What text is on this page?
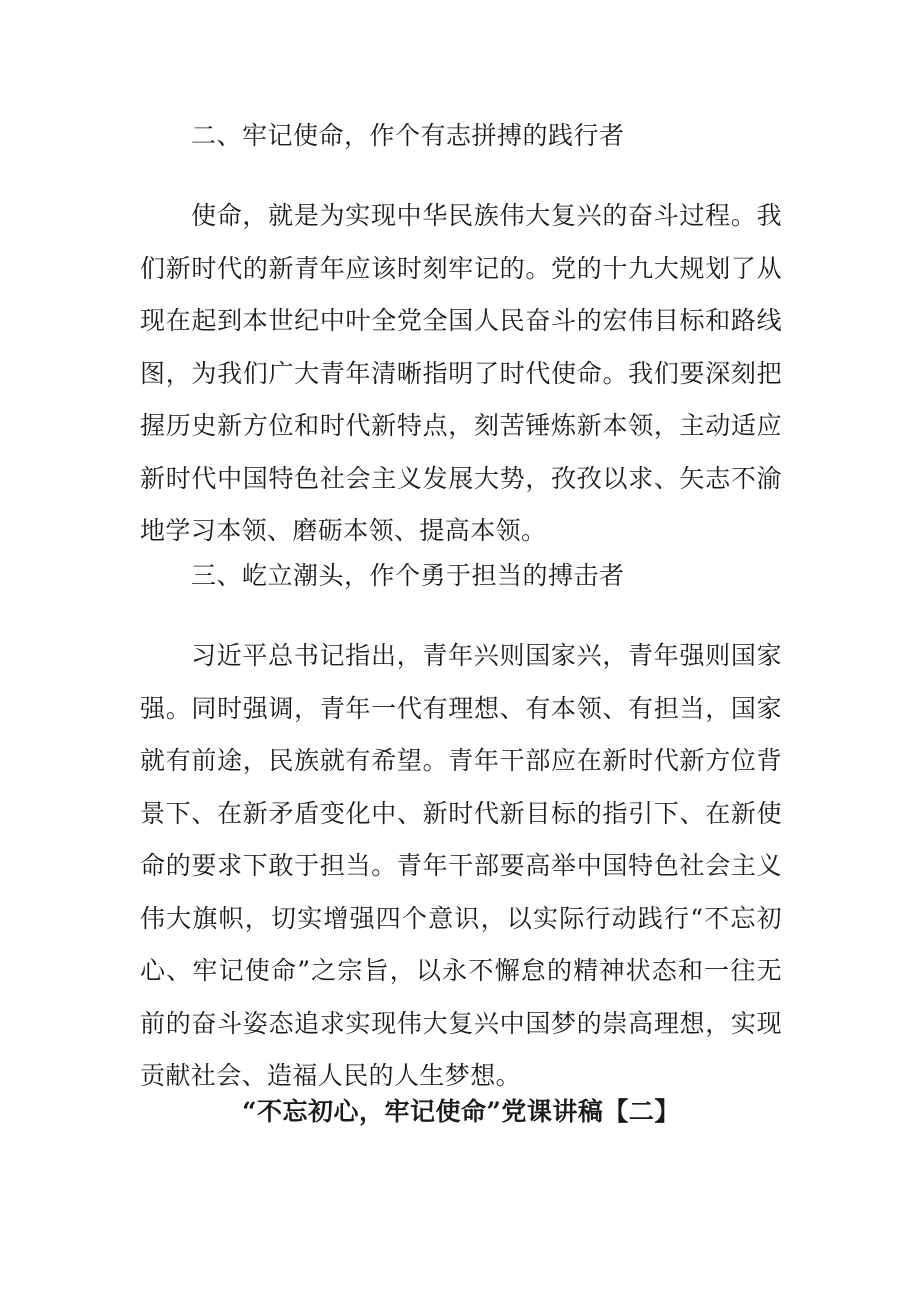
二、牢记使命，作个有志拼搏的践行者

使命，就是为实现中华民族伟大复兴的奋斗过程。我们新时代的新青年应该时刻牢记的。党的十九大规划了从现在起到本世纪中叶全党全国人民奋斗的宏伟目标和路线图，为我们广大青年清晰指明了时代使命。我们要深刻把握历史新方位和时代新特点，刻苦锤炼新本领，主动适应新时代中国特色社会主义发展大势，孜孜以求、矢志不渝地学习本领、磨砺本领、提高本领。

三、屹立潮头，作个勇于担当的搏击者

习近平总书记指出，青年兴则国家兴，青年强则国家强。同时强调，青年一代有理想、有本领、有担当，国家就有前途，民族就有希望。青年干部应在新时代新方位背景下、在新矛盾变化中、新时代新目标的指引下、在新使命的要求下敢于担当。青年干部要高举中国特色社会主义伟大旗帜，切实增强四个意识，以实际行动践行“不忘初心、牢记使命”之宗旨，以永不懈怠的精神状态和一往无前的奋斗姿态追求实现伟大复兴中国梦的崇高理想，实现贡献社会、造福人民的人生梦想。

“不忘初心，牢记使命”党课讲稿【二】
